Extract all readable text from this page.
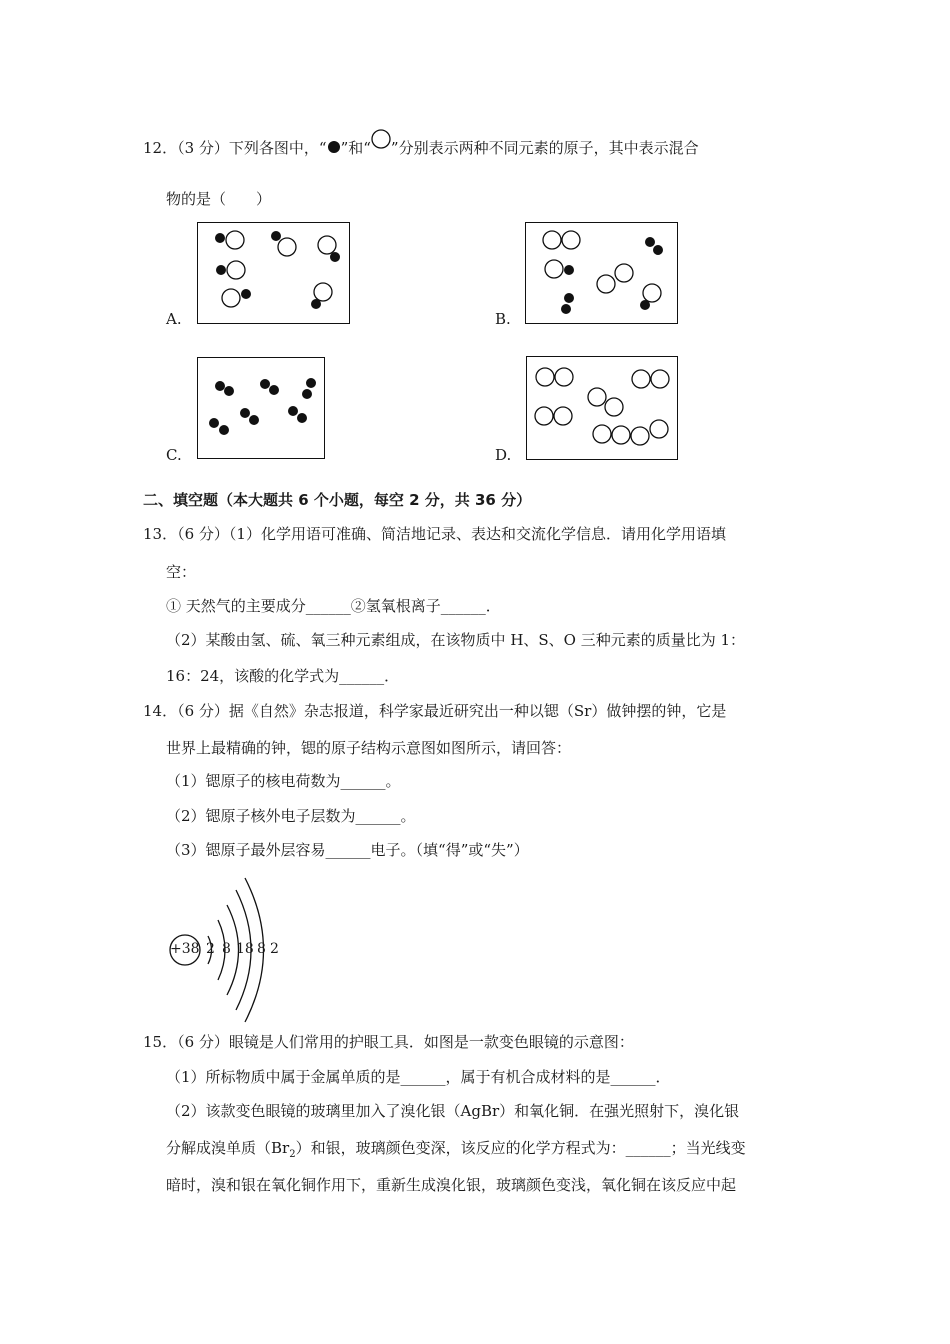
12．（3 分）下列各图中，“ ”和“ ”分别表示两种不同元素的原子，其中表示混合
物的是（　　）
A.	B.
C.	D.
二、填空题（本大题共 6 个小题，每空 2 分，共 36 分）
13．（6 分）（1）化学用语可准确、简洁地记录、表达和交流化学信息．请用化学用语填
空：
① 天然气的主要成分______②氢氧根离子______．
（2）某酸由氢、硫、氧三种元素组成，在该物质中 H、S、O 三种元素的质量比为 1：
16：24，该酸的化学式为______．
14．（6 分）据《自然》杂志报道，科学家最近研究出一种以锶（Sr）做钟摆的钟，它是
世界上最精确的钟，锶的原子结构示意图如图所示，请回答：
（1）锶原子的核电荷数为______。
（2）锶原子核外电子层数为______。
（3）锶原子最外层容易______电子。（填“得”或“失”）
+38 2 8 18 8 2
15．（6 分）眼镜是人们常用的护眼工具．如图是一款变色眼镜的示意图：
（1）所标物质中属于金属单质的是______，属于有机合成材料的是______．
（2）该款变色眼镜的玻璃里加入了溴化银（AgBr）和氧化铜．在强光照射下，溴化银
分解成溴单质$(Br_2)$和银，玻璃颜色变深，该反应的化学方程式为：______；当光线变
暗时，溴和银在氧化铜作用下，重新生成溴化银，玻璃颜色变浅，氧化铜在该反应中起
